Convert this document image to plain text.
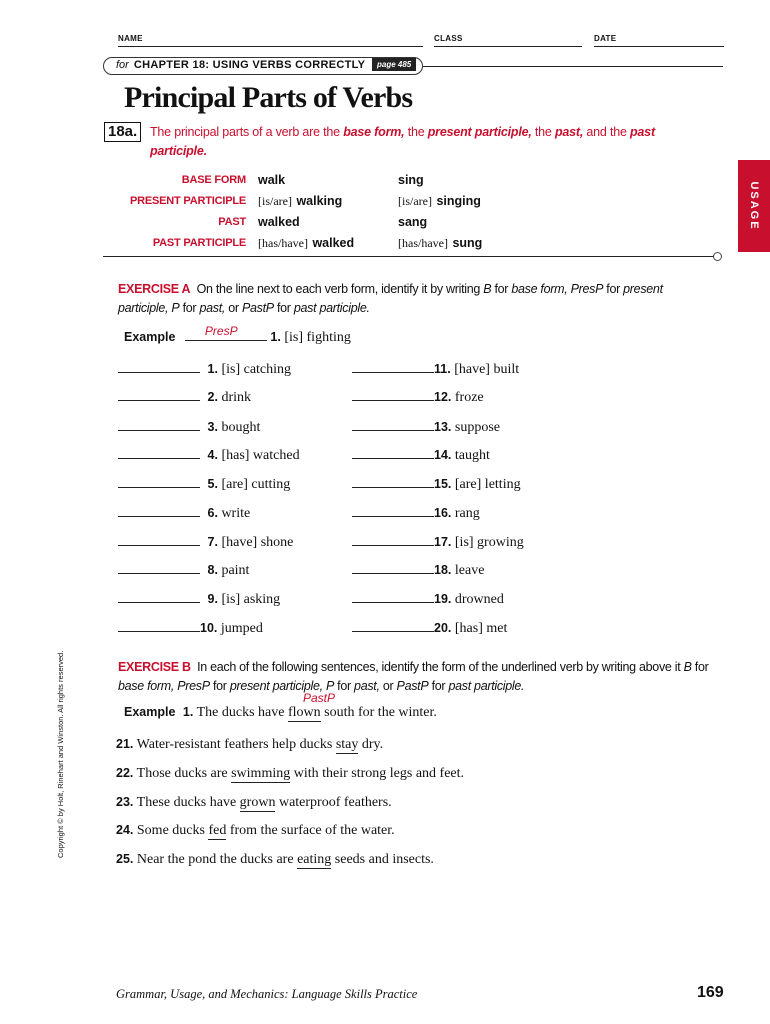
NAME	CLASS	DATE
for CHAPTER 18: USING VERBS CORRECTLY	page 485
Principal Parts of Verbs
18a.	The principal parts of a verb are the base form, the present participle, the past, and the past participle.
BASE FORM	walk	sing
PRESENT PARTICIPLE	[is/are] walking	[is/are] singing
PAST	walked	sang
PAST PARTICIPLE	[has/have] walked	[has/have] sung
USAGE
EXERCISE A On the line next to each verb form, identify it by writing B for base form, PresP for present participle, P for past, or PastP for past participle.
Example PresP	1. [is] fighting
1. [is] catching
2. drink
3. bought
4. [has] watched
5. [are] cutting
6. write
7. [have] shone
8. paint
9. [is] asking
10. jumped
11. [have] built
12. froze
13. suppose
14. taught
15. [are] letting
16. rang
17. [is] growing
18. leave
19. drowned
20. [has] met
Copyright © by Holt, Rinehart and Winston. All rights reserved.	EXERCISE B In each of the following sentences, identify the form of the underlined verb by writing above it B for base form, PresP for present participle, P for past, or PastP for past participle.
PastP
Example 1. The ducks have flown south for the winter.
21. Water-resistant feathers help ducks stay dry.
22. Those ducks are swimming with their strong legs and feet.
23. These ducks have grown waterproof feathers.
24. Some ducks fed from the surface of the water.
25. Near the pond the ducks are eating seeds and insects.
Grammar, Usage, and Mechanics: Language Skills Practice	169
